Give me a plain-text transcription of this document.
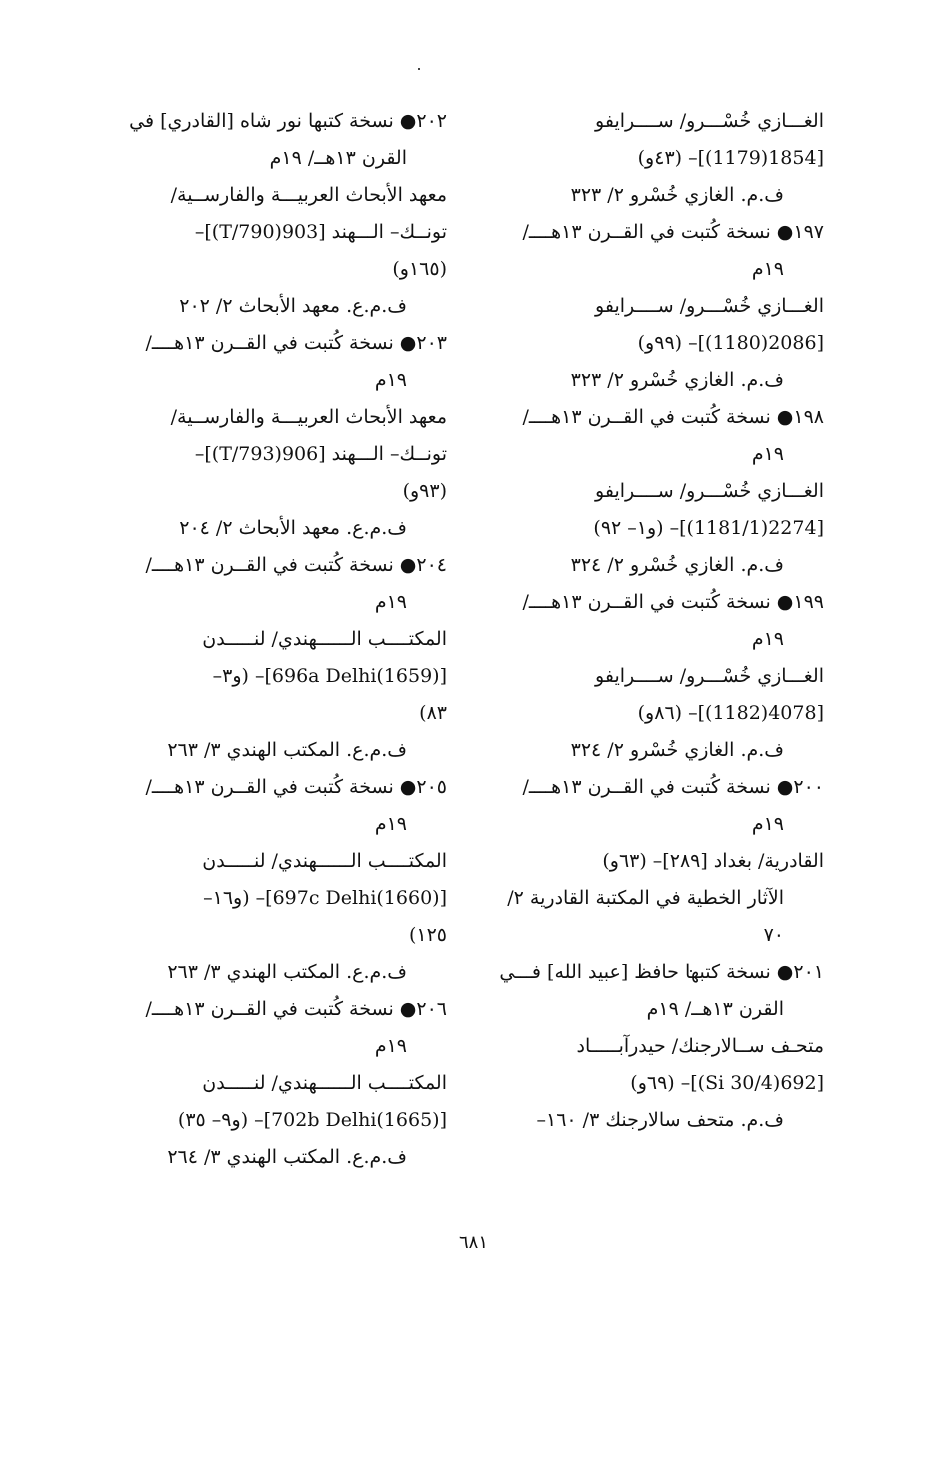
الغـــازي خُسْـــرو/ ســــرايفو
[1854(1179)]– (٤٣و)
ف.م. الغازي خُسْرو ٢/ ٣٢٣
١٩٧● نسخة كُتبت في القــرن ١٣هــــ/
١٩م
الغـــازي خُسْـــرو/ ســــرايفو
[2086(1180)]– (٩٩و)
ف.م. الغازي خُسْرو ٢/ ٣٢٣
١٩٨● نسخة كُتبت في القــرن ١٣هــــ/
١٩م
الغـــازي خُسْـــرو/ ســــرايفو
[2274(1181/1)]– (و١– ٩٢)
ف.م. الغازي خُسْرو ٢/ ٣٢٤
١٩٩● نسخة كُتبت في القــرن ١٣هــــ/
١٩م
الغـــازي خُسْـــرو/ ســــرايفو
[4078(1182)]– (٨٦و)
ف.م. الغازي خُسْرو ٢/ ٣٢٤
٢٠٠● نسخة كُتبت في القــرن ١٣هــــ/
١٩م
القادرية/ بغداد [٢٨٩]– (٦٣و)
الآثار الخطية في المكتبة القادرية ٢/
٧٠
٢٠١● نسخة كتبها حافظ [عبيد الله] فـــي
القرن ١٣هــ/ ١٩م
متحـف ســالارجنك/ حيدرآبـــــاد
[692(Si 30/4)]– (٦٩و)
ف.م. متحف سالارجنك ٣/ ١٦٠–
٢٠٢● نسخة كتبها نور شاه [القادري] في
القرن ١٣هــ/ ١٩م
معهد الأبحاث العربيـــة والفارســية/
تونــك– الـــهند [903(T/790)]–
(١٦٥و)
ف.م.ع. معهد الأبحاث ٢/ ٢٠٢
٢٠٣● نسخة كُتبت في القــرن ١٣هــــ/
١٩م
معهد الأبحاث العربيـــة والفارســية/
تونــك– الـــهند [906(T/793)]–
(٩٣و)
ف.م.ع. معهد الأبحاث ٢/ ٢٠٤
٢٠٤● نسخة كُتبت في القــرن ١٣هــــ/
١٩م
المكتــــب الــــــهندي/ لنـــــدن
[696a Delhi(1659)]– (و٣–
٨٣)
ف.م.ع. المكتب الهندي ٣/ ٢٦٣
٢٠٥● نسخة كُتبت في القــرن ١٣هــــ/
١٩م
المكتــــب الــــــهندي/ لنـــــدن
[697c Delhi(1660)]– (و١٦–
١٢٥)
ف.م.ع. المكتب الهندي ٣/ ٢٦٣
٢٠٦● نسخة كُتبت في القــرن ١٣هــــ/
١٩م
المكتــــب الــــــهندي/ لنـــــدن
[702b Delhi(1665)]– (و٩– ٣٥)
ف.م.ع. المكتب الهندي ٣/ ٢٦٤
٦٨١
